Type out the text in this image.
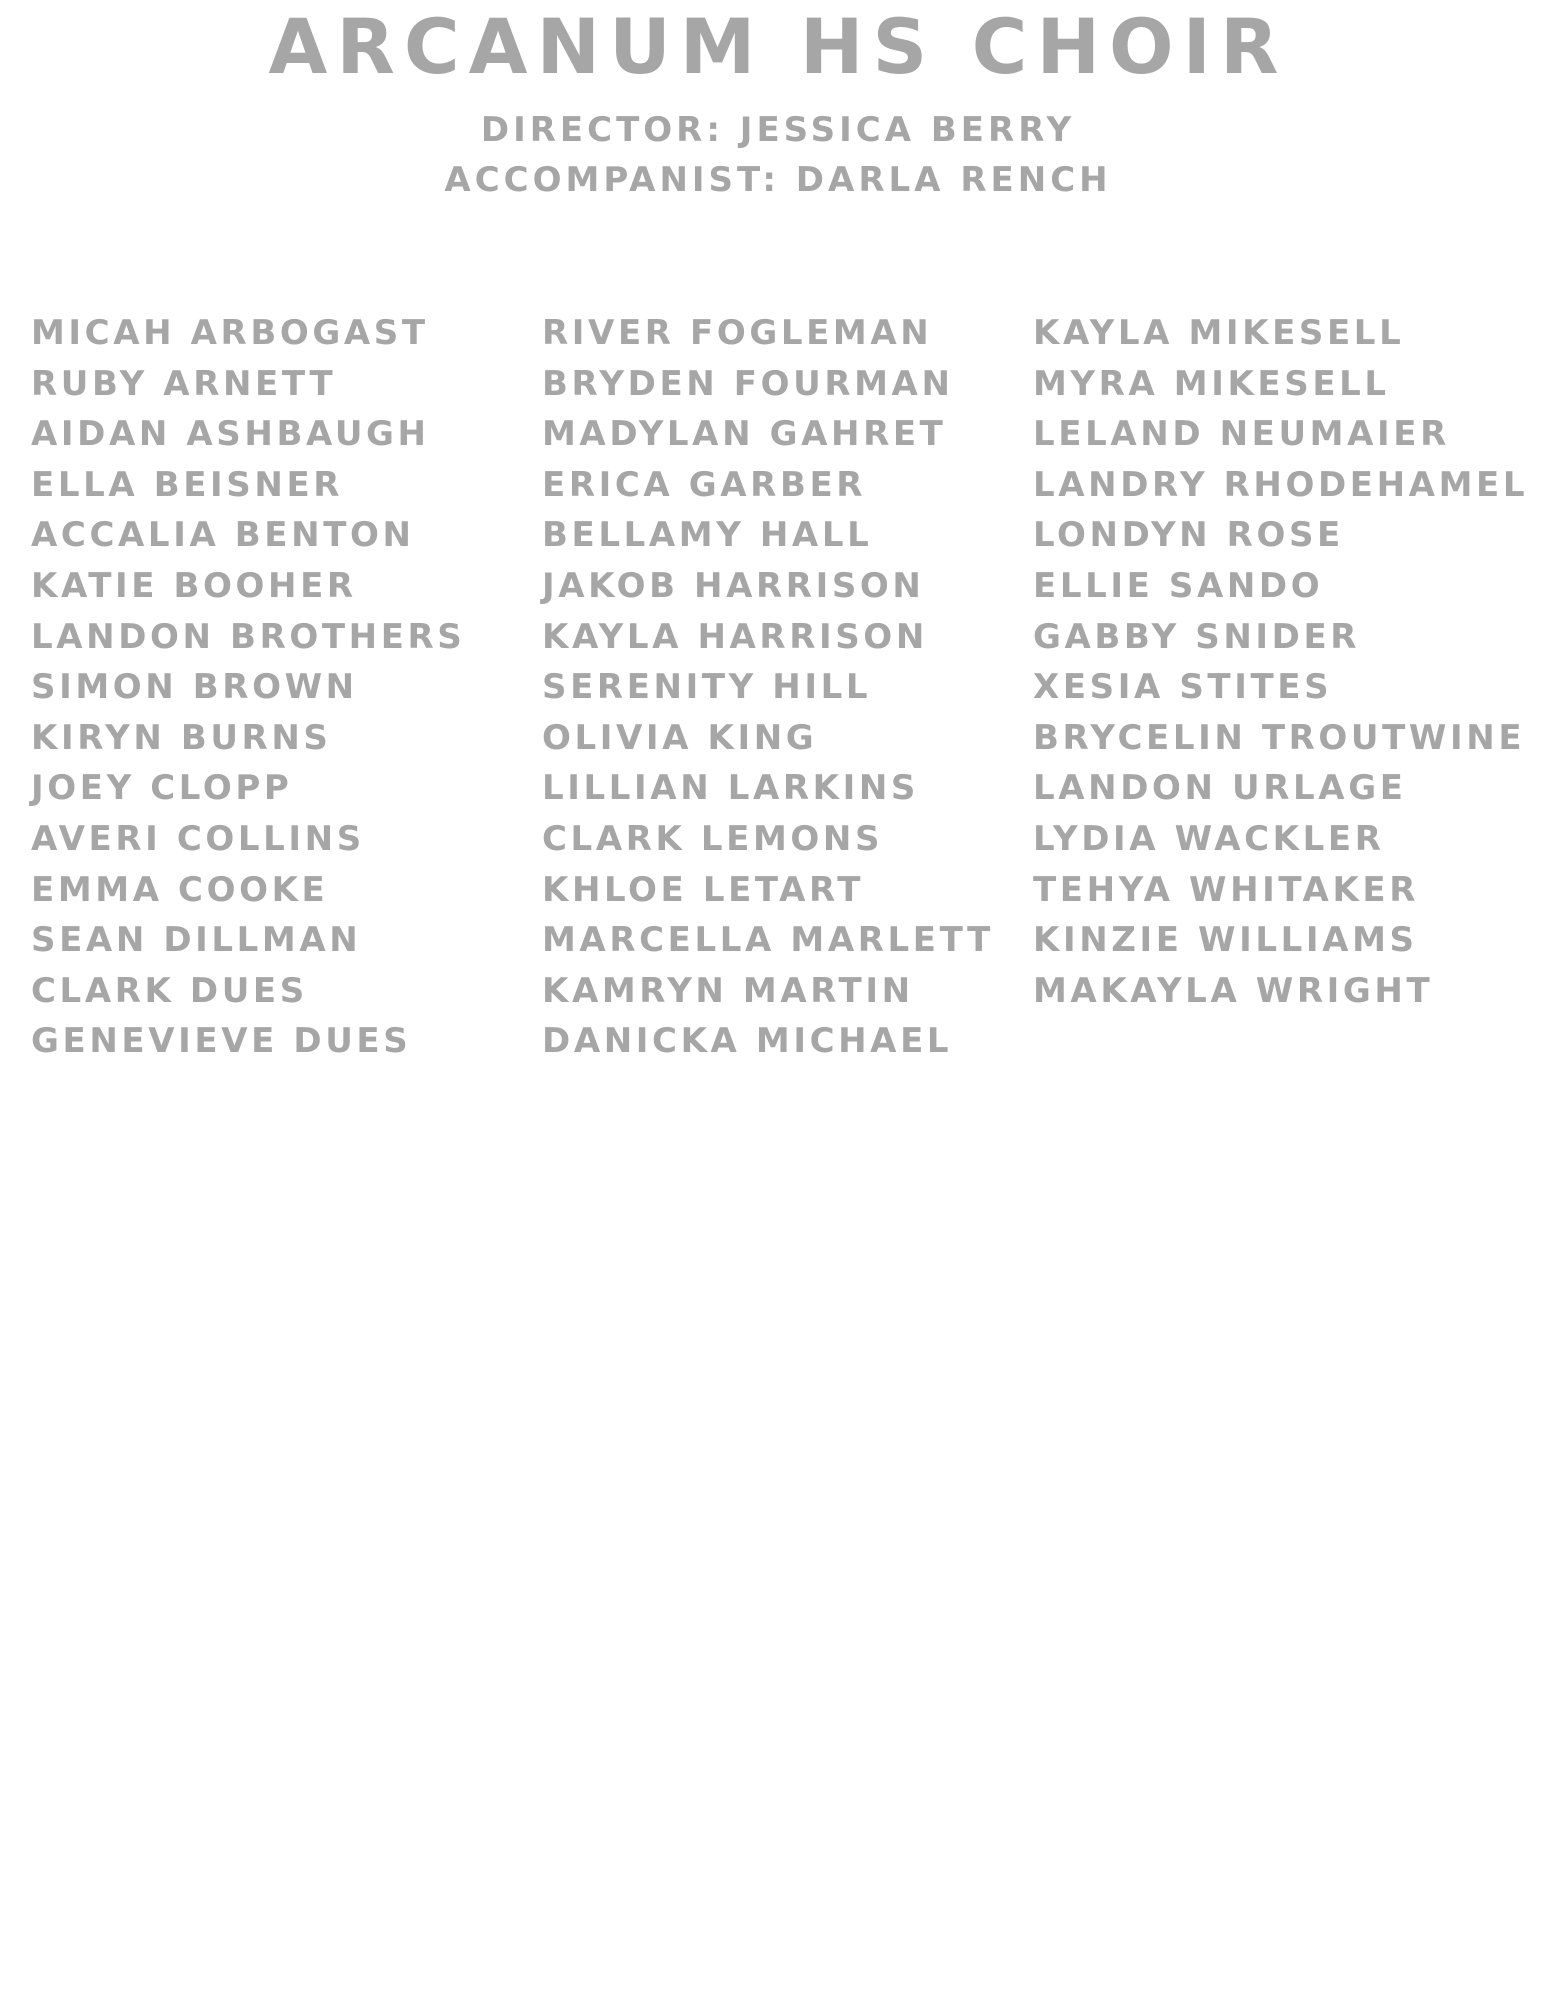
ARCANUM HS CHOIR
DIRECTOR: JESSICA BERRY
ACCOMPANIST: DARLA RENCH
MICAH ARBOGAST
RUBY ARNETT
AIDAN ASHBAUGH
ELLA BEISNER
ACCALIA BENTON
KATIE BOOHER
LANDON BROTHERS
SIMON BROWN
KIRYN BURNS
JOEY CLOPP
AVERI COLLINS
EMMA COOKE
SEAN DILLMAN
CLARK DUES
GENEVIEVE DUES
RIVER FOGLEMAN
BRYDEN FOURMAN
MADYLAN GAHRET
ERICA GARBER
BELLAMY HALL
JAKOB HARRISON
KAYLA HARRISON
SERENITY HILL
OLIVIA KING
LILLIAN LARKINS
CLARK LEMONS
KHLOE LETART
MARCELLA MARLETT
KAMRYN MARTIN
DANICKA MICHAEL
KAYLA MIKESELL
MYRA MIKESELL
LELAND NEUMAIER
LANDRY RHODEHAMEL
LONDYN ROSE
ELLIE SANDO
GABBY SNIDER
XESIA STITES
BRYCELIN TROUTWINE
LANDON URLAGE
LYDIA WACKLER
TEHYA WHITAKER
KINZIE WILLIAMS
MAKAYLA WRIGHT
